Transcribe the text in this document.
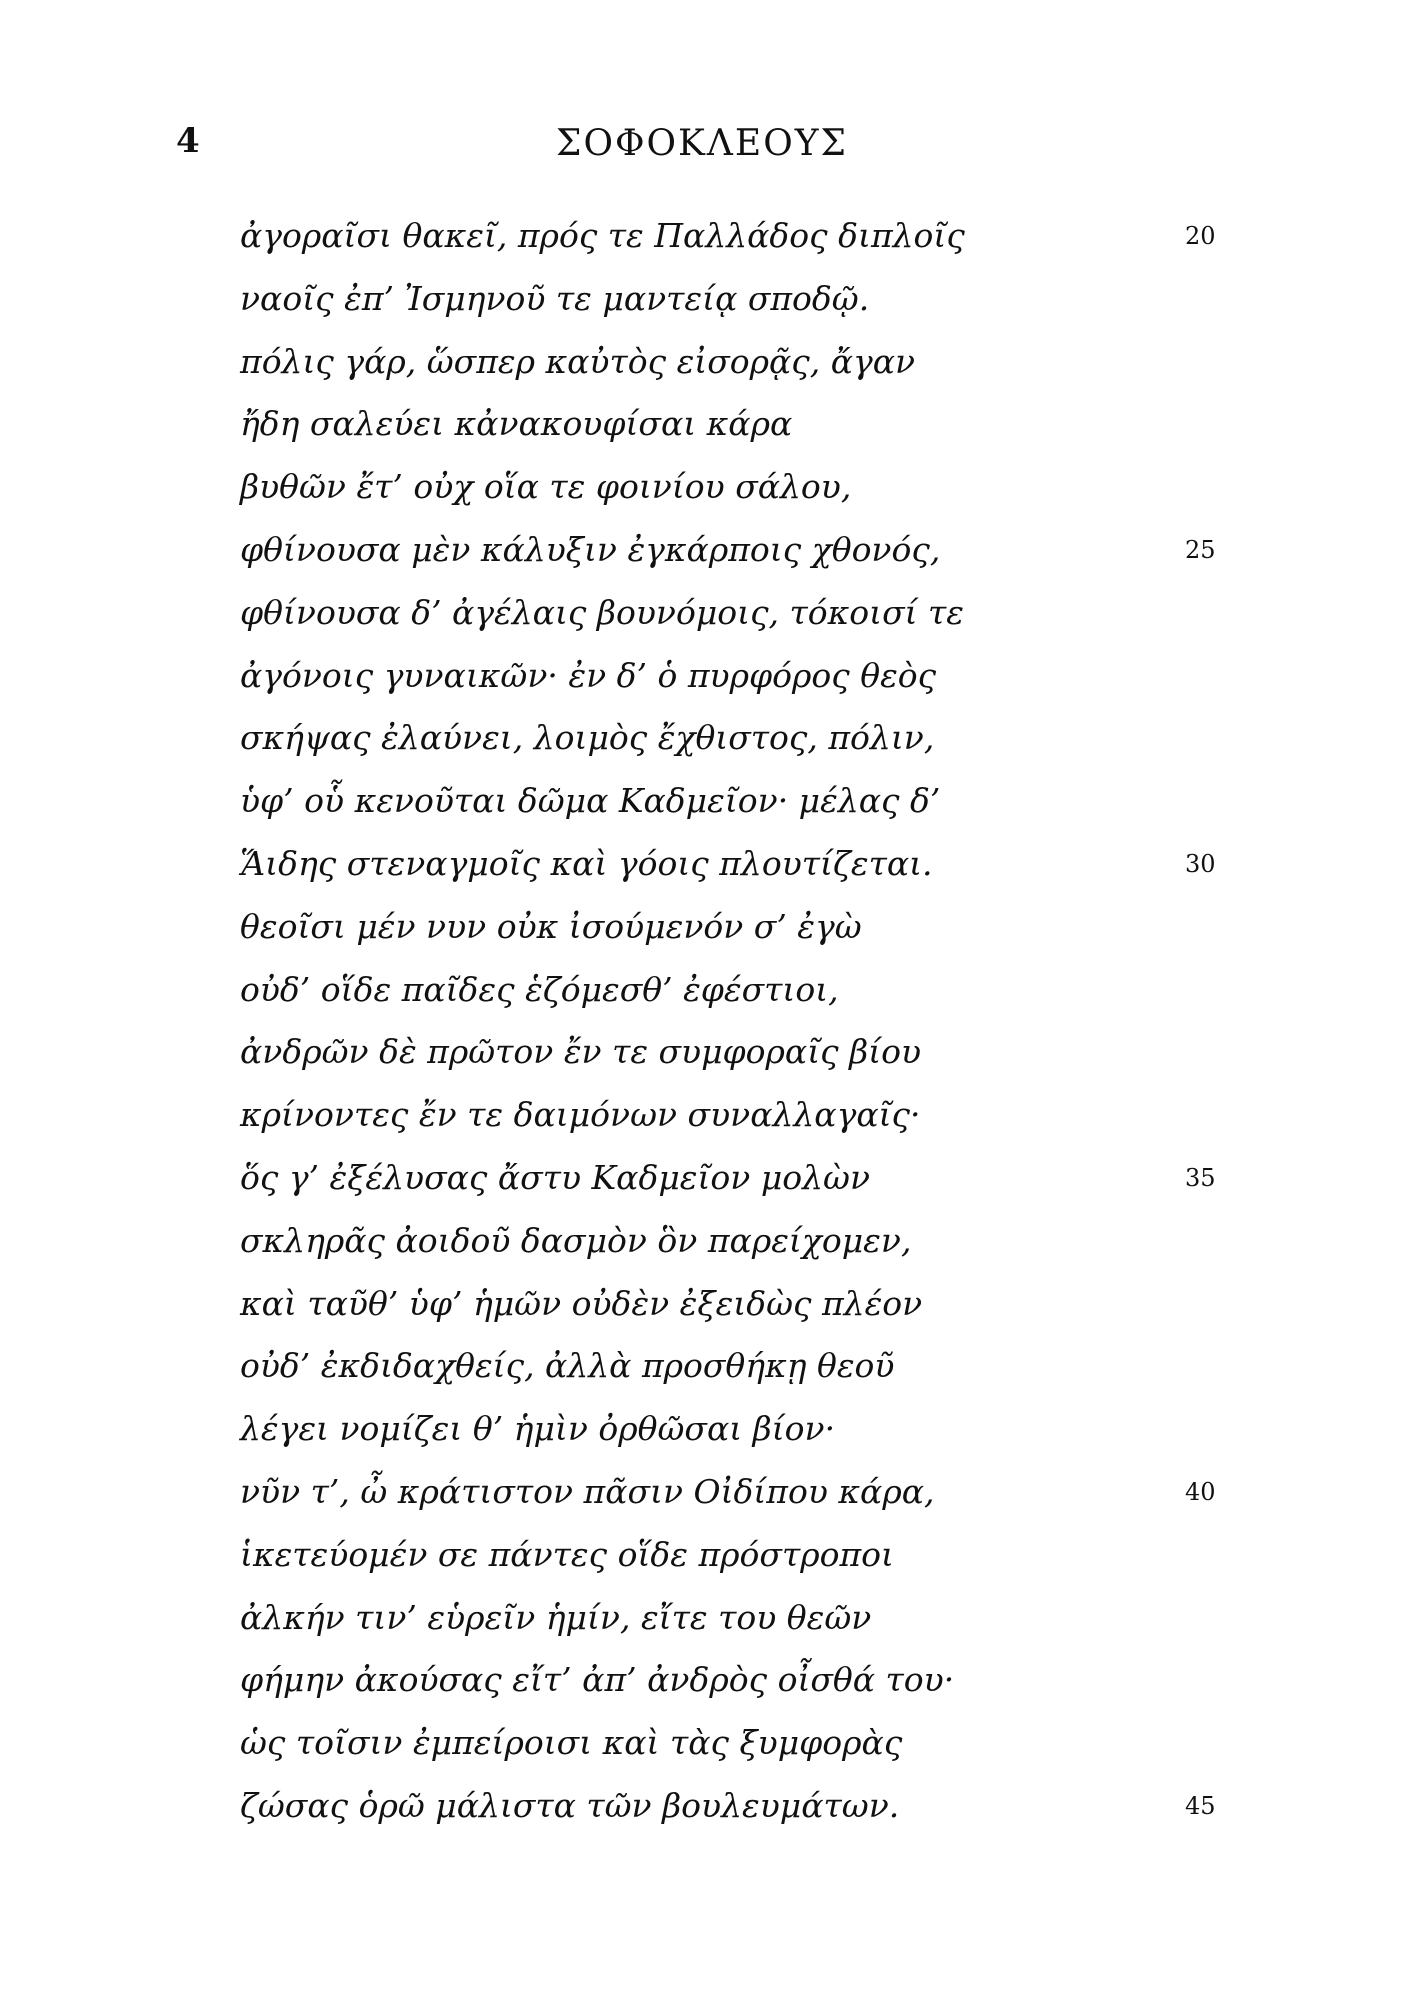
4	ΣΟΦΟΚΛΕΟΥΣ
ἀγοραῖσι θακεῖ, πρός τε Παλλάδος διπλοῖς	20
ναοῖς ἐπ’ Ἰσμηνοῦ τε μαντείᾳ σποδῷ.
πόλις γάρ, ὥσπερ καὐτὸς εἰσορᾷς, ἄγαν
ἤδη σαλεύει κἀνακουφίσαι κάρα
βυθῶν ἔτ’ οὐχ οἵα τε φοινίου σάλου,
φθίνουσα μὲν κάλυξιν ἐγκάρποις χθονός,	25
φθίνουσα δ’ ἀγέλαις βουνόμοις, τόκοισί τε
ἀγόνοις γυναικῶν· ἐν δ’ ὁ πυρφόρος θεὸς
σκήψας ἐλαύνει, λοιμὸς ἔχθιστος, πόλιν,
ὑφ’ οὗ κενοῦται δῶμα Καδμεῖον· μέλας δ’
Ἅιδης στεναγμοῖς καὶ γόοις πλουτίζεται.	30
θεοῖσι μέν νυν οὐκ ἰσούμενόν σ’ ἐγὼ
οὐδ’ οἵδε παῖδες ἑζόμεσθ’ ἐφέστιοι,
ἀνδρῶν δὲ πρῶτον ἔν τε συμφοραῖς βίου
κρίνοντες ἔν τε δαιμόνων συναλλαγαῖς·
ὅς γ’ ἐξέλυσας ἄστυ Καδμεῖον μολὼν	35
σκληρᾶς ἀοιδοῦ δασμὸν ὃν παρείχομεν,
καὶ ταῦθ’ ὑφ’ ἡμῶν οὐδὲν ἐξειδὼς πλέον
οὐδ’ ἐκδιδαχθείς, ἀλλὰ προσθήκῃ θεοῦ
λέγει νομίζει θ’ ἡμὶν ὀρθῶσαι βίον·
νῦν τ’, ὦ κράτιστον πᾶσιν Οἰδίπου κάρα,	40
ἱκετεύομέν σε πάντες οἵδε πρόστροποι
ἀλκήν τιν’ εὑρεῖν ἡμίν, εἴτε του θεῶν
φήμην ἀκούσας εἴτ’ ἀπ’ ἀνδρὸς οἶσθά του·
ὡς τοῖσιν ἐμπείροισι καὶ τὰς ξυμφορὰς
ζώσας ὁρῶ μάλιστα τῶν βουλευμάτων.	45
